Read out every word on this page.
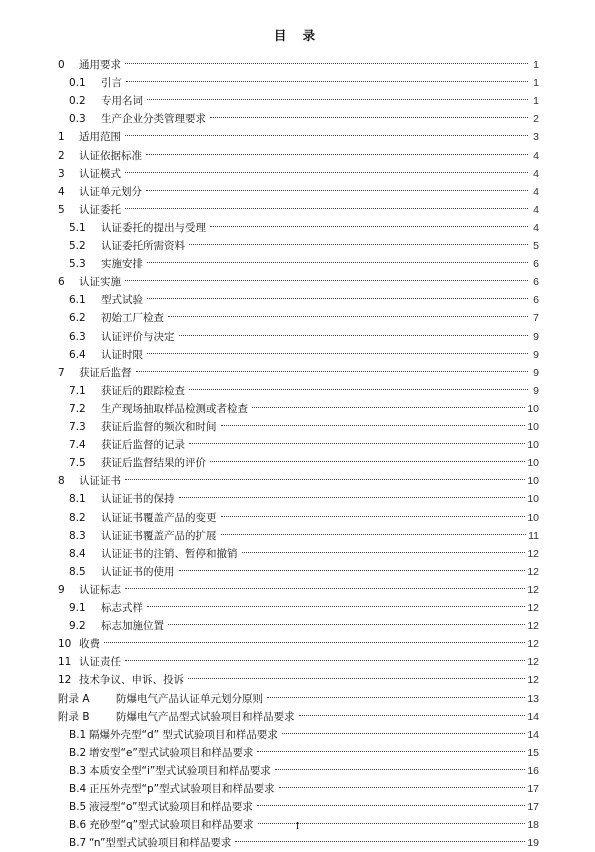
目 录
0 通用要求	1
0.1 引言	1
0.2 专用名词	1
0.3 生产企业分类管理要求	2
1 适用范围	3
2 认证依据标准	4
3 认证模式	4
4 认证单元划分	4
5 认证委托	4
5.1 认证委托的提出与受理	4
5.2 认证委托所需资料	5
5.3 实施安排	6
6 认证实施	6
6.1 型式试验	6
6.2 初始工厂检查	7
6.3 认证评价与决定	9
6.4 认证时限	9
7 获证后监督	9
7.1 获证后的跟踪检查	9
7.2 生产现场抽取样品检测或者检查	10
7.3 获证后监督的频次和时间	10
7.4 获证后监督的记录	10
7.5 获证后监督结果的评价	10
8 认证证书	10
8.1 认证证书的保持	10
8.2 认证证书覆盖产品的变更	10
8.3 认证证书覆盖产品的扩展	11
8.4 认证证书的注销、暂停和撤销	12
8.5 认证证书的使用	12
9 认证标志	12
9.1 标志式样	12
9.2 标志加施位置	12
10 收费	12
11 认证责任	12
12 技术争议、申诉、投诉	12
附录 A	防爆电气产品认证单元划分原则	13
附录 B	防爆电气产品型式试验项目和样品要求	14
B.1 隔爆外壳型“d” 型式试验项目和样品要求	14
B.2 增安型“e”型式试验项目和样品要求	15
B.3 本质安全型“i”型式试验项目和样品要求	16
B.4 正压外壳型“p”型式试验项目和样品要求	17
B.5 液浸型“o”型式试验项目和样品要求	17
B.6 充砂型“q”型式试验项目和样品要求	18
B.7 “n”型型式试验项目和样品要求	19
I
